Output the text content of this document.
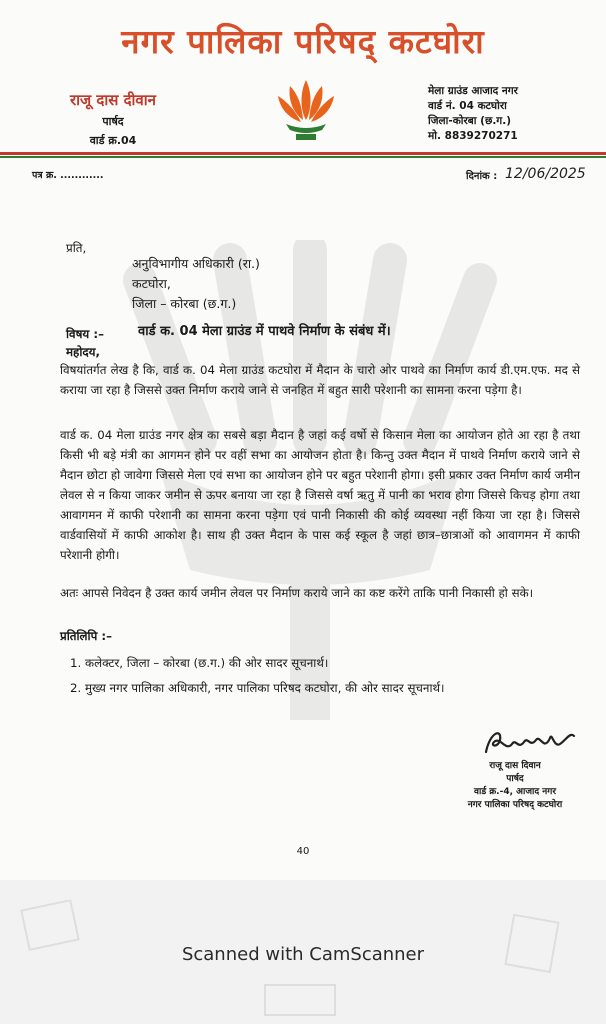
नगर पालिका परिषद् कटघोरा
राजू दास दीवान
पार्षद
वार्ड क्र.04
मेला ग्राउंड आजाद नगर
वार्ड नं. 04 कटघोरा
जिला-कोरबा (छ.ग.)
मो. 8839270271
पत्र क्र. ............	दिनांक : 12/06/2025
प्रति,
अनुविभागीय अधिकारी (रा.)
कटघोरा,
जिला – कोरबा (छ.ग.)
विषय :–	वार्ड क. 04 मेला ग्राउंड में पाथवे निर्माण के संबंध में।
महोदय,
विषयांतर्गत लेख है कि, वार्ड क. 04 मेला ग्राउंड कटघोरा में मैदान के चारो ओर पाथवे का निर्माण कार्य डी.एम.एफ. मद से कराया जा रहा है जिससे उक्त निर्माण कराये जाने से जनहित में बहुत सारी परेशानी का सामना करना पड़ेगा है।
वार्ड क. 04 मेला ग्राउंड नगर क्षेत्र का सबसे बड़ा मैदान है जहां कई वर्षो से किसान मेला का आयोजन होते आ रहा है तथा किसी भी बड़े मंत्री का आगमन होने पर वहीं सभा का आयोजन होता है। किन्तु उक्त मैदान में पाथवे निर्माण कराये जाने से मैदान छोटा हो जावेगा जिससे मेला एवं सभा का आयोजन होने पर बहुत परेशानी होगा। इसी प्रकार उक्त निर्माण कार्य जमीन लेवल से न किया जाकर जमीन से ऊपर बनाया जा रहा है जिससे वर्षा ऋतु में पानी का भराव होगा जिससे किचड़ होगा तथा आवागमन में काफी परेशानी का सामना करना पड़ेगा एवं पानी निकासी की कोई व्यवस्था नहीं किया जा रहा है। जिससे वार्डवासियों में काफी आकोश है। साथ ही उक्त मैदान के पास कई स्कूल है जहां छात्र–छात्राओं को आवागमन में काफी परेशानी होगी।
अतः आपसे निवेदन है उक्त कार्य जमीन लेवल पर निर्माण कराये जाने का कष्ट करेंगे ताकि पानी निकासी हो सके।
प्रतिलिपि :–
1. कलेक्टर, जिला – कोरबा (छ.ग.) की ओर सादर सूचनार्थ।
2. मुख्य नगर पालिका अधिकारी, नगर पालिका परिषद कटघोरा, की ओर सादर सूचनार्थ।
राजू दास दिवान
पार्षद
वार्ड क्र.-4, आजाद नगर
नगर पालिका परिषद् कटघोरा
40
Scanned with CamScanner
